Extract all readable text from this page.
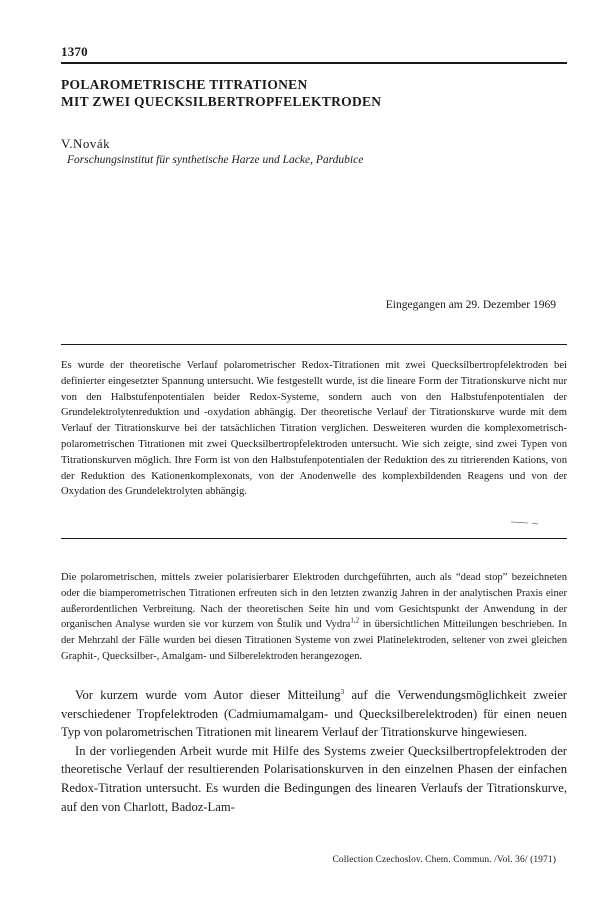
1370
POLAROMETRISCHE TITRATIONEN
MIT ZWEI QUECKSILBERTROPFELEKTRODEN
V.Novák
Forschungsinstitut für synthetische Harze und Lacke, Pardubice
Eingegangen am 29. Dezember 1969

Es wurde der theoretische Verlauf polarometrischer Redox-Titrationen mit zwei Quecksilbertropfelektroden bei definierter eingesetzter Spannung untersucht. Wie festgestellt wurde, ist die lineare Form der Titrationskurve nicht nur von den Halbstufenpotentialen beider Redox-Systeme, sondern auch von den Halbstufenpotentialen der Grundelektrolytenreduktion und -oxydation abhängig. Der theoretische Verlauf der Titrationskurve wurde mit dem Verlauf der Titrationskurve bei der tatsächlichen Titration verglichen. Desweiteren wurden die komplexometrisch-polarometrischen Titrationen mit zwei Quecksilbertropfelektroden untersucht. Wie sich zeigte, sind zwei Typen von Titrationskurven möglich. Ihre Form ist von den Halbstufenpotentialen der Reduktion des zu titrierenden Kations, von der Reduktion des Kationenkomplexonats, von der Anodenwelle des komplexbildenden Reagens und von der Oxydation des Grundelektrolyten abhängig.

Die polarometrischen, mittels zweier polarisierbarer Elektroden durchgeführten, auch als “dead stop” bezeichneten oder die biamperometrischen Titrationen erfreuten sich in den letzten zwanzig Jahren in der analytischen Praxis einer außerordentlichen Verbreitung. Nach der theoretischen Seite hin und vom Gesichtspunkt der Anwendung in der organischen Analyse wurden sie vor kurzem von Štulík und Vydra$^{1,2}$ in übersichtlichen Mitteilungen beschrieben. In der Mehrzahl der Fälle wurden bei diesen Titrationen Systeme von zwei Platinelektroden, seltener von zwei gleichen Graphit-, Quecksilber-, Amalgam- und Silberelektroden herangezogen.

Vor kurzem wurde vom Autor dieser Mitteilung$^3$ auf die Verwendungsmöglichkeit zweier verschiedener Tropfelektroden (Cadmiumamalgam- und Quecksilberelektroden) für einen neuen Typ von polarometrischen Titrationen mit linearem Verlauf der Titrationskurve hingewiesen.

In der vorliegenden Arbeit wurde mit Hilfe des Systems zweier Quecksilbertropfelektroden der theoretische Verlauf der resultierenden Polarisationskurven in den einzelnen Phasen der einfachen Redox-Titration untersucht. Es wurden die Bedingungen des linearen Verlaufs der Titrationskurve, auf den von Charlott, Badoz-Lam-

Collection Czechoslov. Chem. Commun. /Vol. 36/ (1971)
